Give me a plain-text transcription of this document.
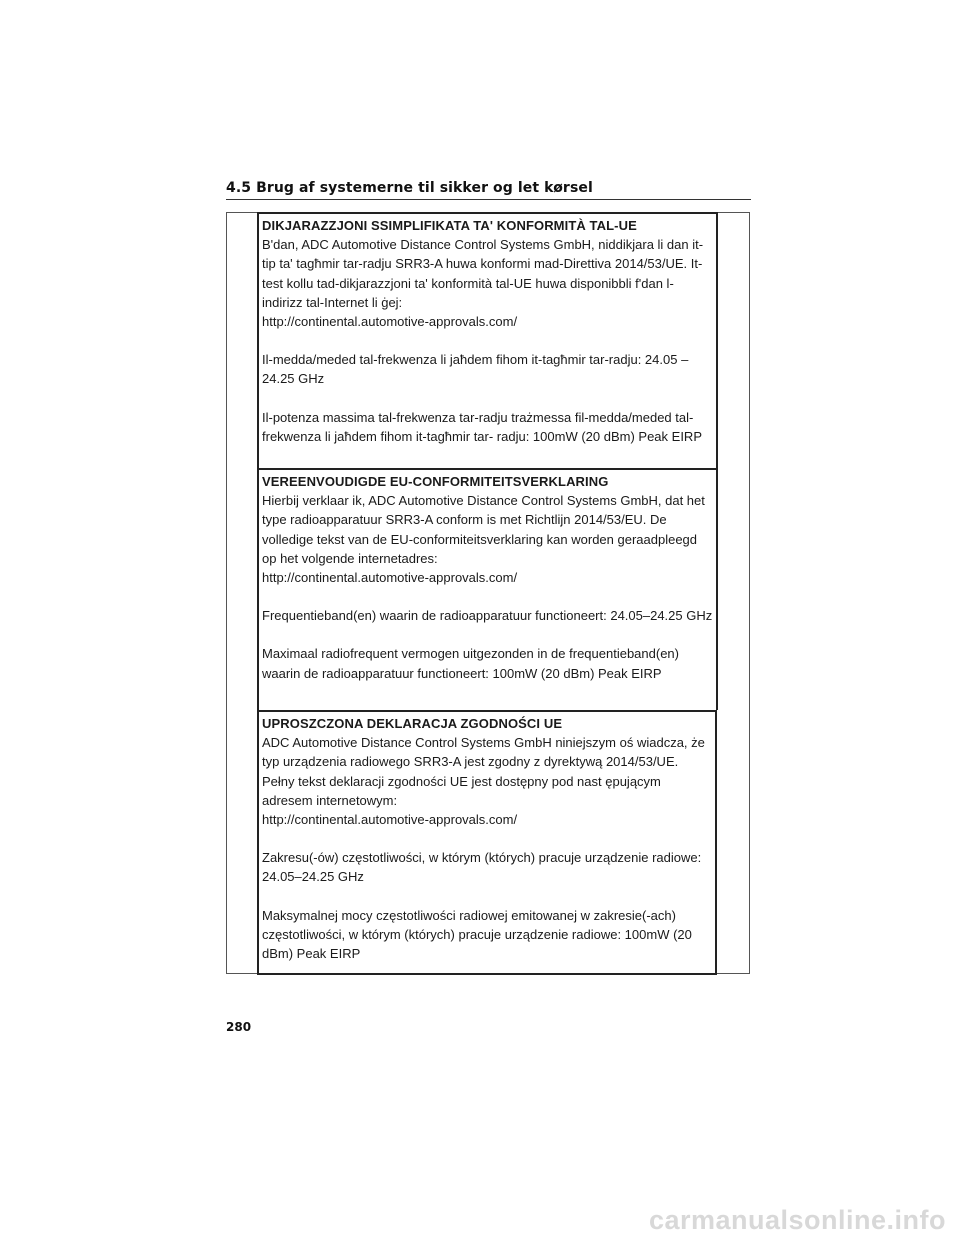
4.5 Brug af systemerne til sikker og let kørsel

DIKJARAZZJONI SSIMPLIFIKATA TA' KONFORMITÀ TAL-UE

B'dan, ADC Automotive Distance Control Systems GmbH, niddikjara li dan it-tip ta' tagħmir tar-radju SRR3-A huwa konformi mad-Direttiva 2014/53/UE. It-test kollu tad-dikjarazzjoni ta' konformità tal-UE huwa disponibbli f'dan l-indirizz tal-Internet li ġej:

http://continental.automotive-approvals.com/

Il-medda/meded tal-frekwenza li jaħdem fihom it-tagħmir tar-radju: 24.05 –24.25 GHz

Il-potenza massima tal-frekwenza tar-radju trażmessa fil-medda/meded tal-frekwenza li jaħdem fihom it-tagħmir tar- radju: 100mW (20 dBm) Peak EIRP

VEREENVOUDIGDE EU-CONFORMITEITSVERKLARING

Hierbij verklaar ik, ADC Automotive Distance Control Systems GmbH, dat het type radioapparatuur SRR3-A conform is met Richtlijn 2014/53/EU. De volledige tekst van de EU-conformiteitsverklaring kan worden geraadpleegd op het volgende internetadres:

http://continental.automotive-approvals.com/

Frequentieband(en) waarin de radioapparatuur functioneert: 24.05–24.25 GHz

Maximaal radiofrequent vermogen uitgezonden in de frequentieband(en) waarin de radioapparatuur functioneert: 100mW (20 dBm) Peak EIRP

UPROSZCZONA DEKLARACJA ZGODNOŚCI UE

ADC Automotive Distance Control Systems GmbH niniejszym oś wiadcza, że typ urządzenia radiowego SRR3-A jest zgodny z dyrektywą 2014/53/UE. Pełny tekst deklaracji zgodności UE jest dostępny pod nast ępującym adresem internetowym:

http://continental.automotive-approvals.com/

Zakresu(-ów) częstotliwości, w którym (których) pracuje urządzenie radiowe: 24.05–24.25 GHz

Maksymalnej mocy częstotliwości radiowej emitowanej w zakresie(-ach) częstotliwości, w którym (których) pracuje urządzenie radiowe: 100mW (20 dBm) Peak EIRP

280
carmanualsonline.info
